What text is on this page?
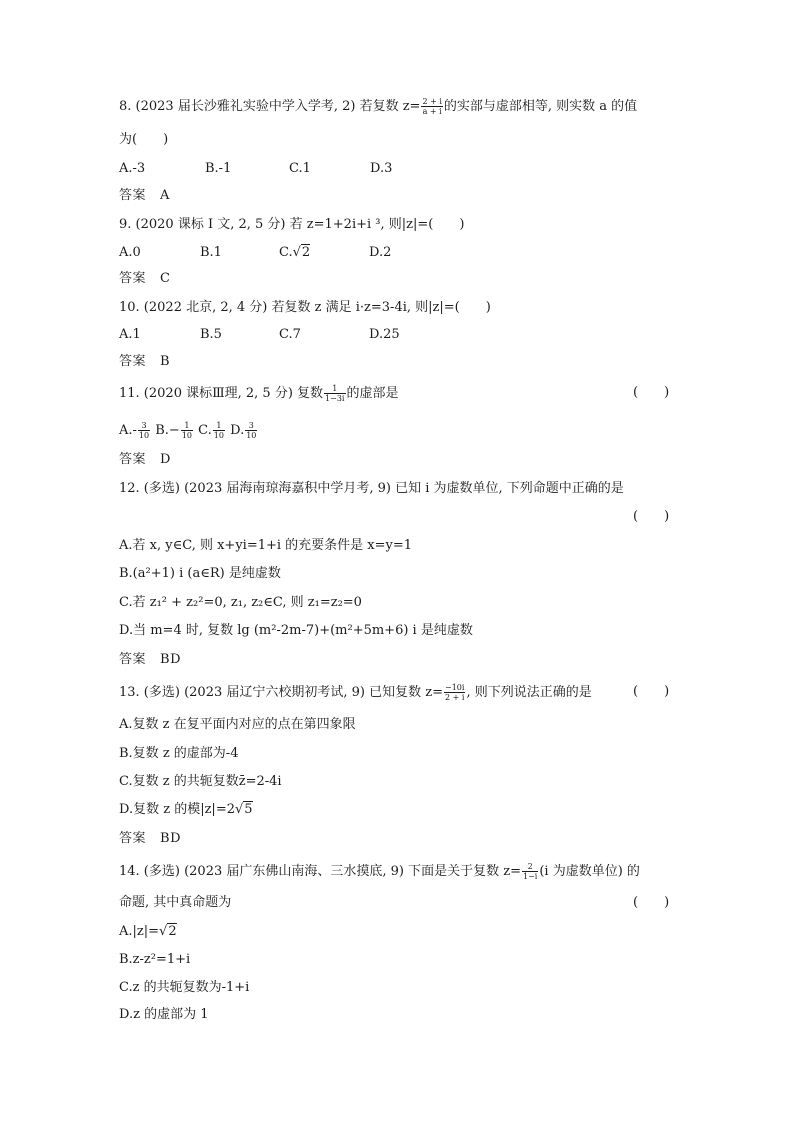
8. (2023 届长沙雅礼实验中学入学考, 2) 若复数 $z= \frac{2 + i}{a + i}$ 的实部与虚部相等, 则实数 a 的值
为(　　)
A.-3	B.-1	C.1	D.3
答案 A
9. (2020 课标 Ⅰ 文, 2, 5 分) 若 z=1+2i+i ³, 则|z|=(　　)
A.0	B.1	C.√2	D.2
答案 C
10. (2022 北京, 2, 4 分) 若复数 z 满足 i·z=3-4i, 则|z|=(　　)
A.1	B.5	C.7	D.25
答案 B
11. (2020 课标Ⅲ理, 2, 5 分) 复数 $\frac{1}{1-3i}$ 的虚部是	(　　)
$A.- \frac{3}{10} B.- \frac{1}{10} C$. $\frac{1}{10} D$. $\frac{3}{10}$
答案 D
12. (多选) (2023 届海南琼海嘉积中学月考, 9) 已知 i 为虚数单位, 下列命题中正确的是
(　　)
A.若 x, y∈C, 则 x+yi=1+i 的充要条件是 x=y=1
B.(a²+1) i (a∈R) 是纯虚数
C.若 z₁² + z₂²=0, z₁, z₂∈C, 则 z₁=z₂=0
D.当 m=4 时, 复数 lg (m²-2m-7)+(m²+5m+6) i 是纯虚数
答案 BD
13. (多选) (2023 届辽宁六校期初考试, 9) 已知复数 $z= \frac{-10i}{2 + i}$ , 则下列说法正确的是	(　　)
A.复数 z 在复平面内对应的点在第四象限
B.复数 z 的虚部为-4
C.复数 z 的共轭复数z̄=2-4i
D.复数 z 的模|z|=2√5
答案 BD
14. (多选) (2023 届广东佛山南海、三水摸底, 9) 下面是关于复数 $z= \frac{2}{1-i} (i$ 为虚数单位) 的
命题, 其中真命题为	(　　)
A.|z|=√2
B.z-z²=1+i
C.z 的共轭复数为-1+i
D.z 的虚部为 1
